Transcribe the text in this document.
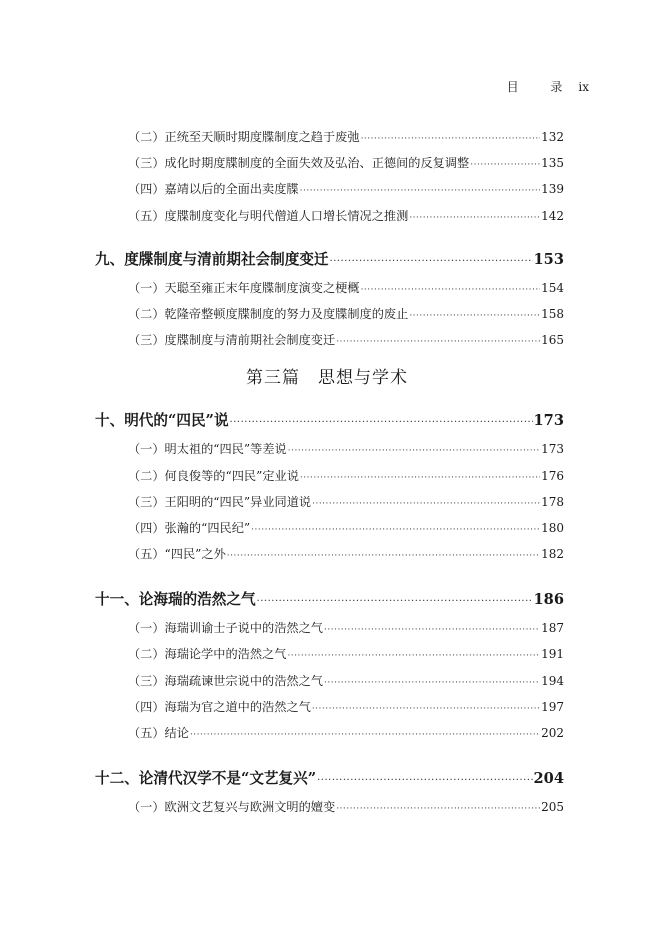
目 录 ix
（二）正统至天顺时期度牒制度之趋于废弛 ·····	132
（三）成化时期度牒制度的全面失效及弘治、正德间的反复调整 ·····	135
（四）嘉靖以后的全面出卖度牒 ·····	139
（五）度牒制度变化与明代僧道人口增长情况之推测 ·····	142
九、度牒制度与清前期社会制度变迁 ·····	153
（一）天聪至雍正末年度牒制度演变之梗概 ·····	154
（二）乾隆帝整顿度牒制度的努力及度牒制度的废止 ·····	158
（三）度牒制度与清前期社会制度变迁 ·····	165
第三篇　思想与学术
十、明代的“四民”说 ·····	173
（一）明太祖的“四民”等差说 ·····	173
（二）何良俊等的“四民”定业说 ·····	176
（三）王阳明的“四民”异业同道说 ·····	178
（四）张瀚的“四民纪” ·····	180
（五）“四民”之外 ·····	182
十一、论海瑞的浩然之气 ·····	186
（一）海瑞训谕士子说中的浩然之气 ·····	187
（二）海瑞论学中的浩然之气 ·····	191
（三）海瑞疏谏世宗说中的浩然之气 ·····	194
（四）海瑞为官之道中的浩然之气 ·····	197
（五）结论 ·····	202
十二、论清代汉学不是“文艺复兴” ·····	204
（一）欧洲文艺复兴与欧洲文明的嬗变 ·····	205
